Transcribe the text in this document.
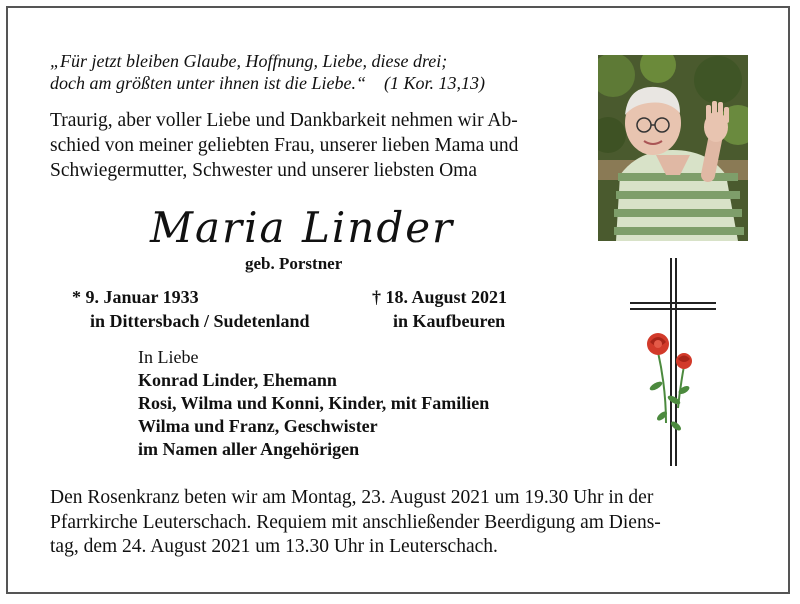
„Für jetzt bleiben Glaube, Hoffnung, Liebe, diese drei;
doch am größten unter ihnen ist die Liebe.“    (1 Kor. 13,13)
Traurig, aber voller Liebe und Dankbarkeit nehmen wir Ab-
schied von meiner geliebten Frau, unserer lieben Mama und
Schwiegermutter, Schwester und unserer liebsten Oma
Maria Linder
geb. Porstner
* 9. Januar 1933
in Dittersbach / Sudetenland
† 18. August 2021
in Kaufbeuren
In Liebe
Konrad Linder, Ehemann
Rosi, Wilma und Konni, Kinder, mit Familien
Wilma und Franz, Geschwister
im Namen aller Angehörigen
Den Rosenkranz beten wir am Montag, 23. August 2021 um 19.30 Uhr in der
Pfarrkirche Leuterschach. Requiem mit anschließender Beerdigung am Diens-
tag, dem 24. August 2021 um 13.30 Uhr in Leuterschach.
